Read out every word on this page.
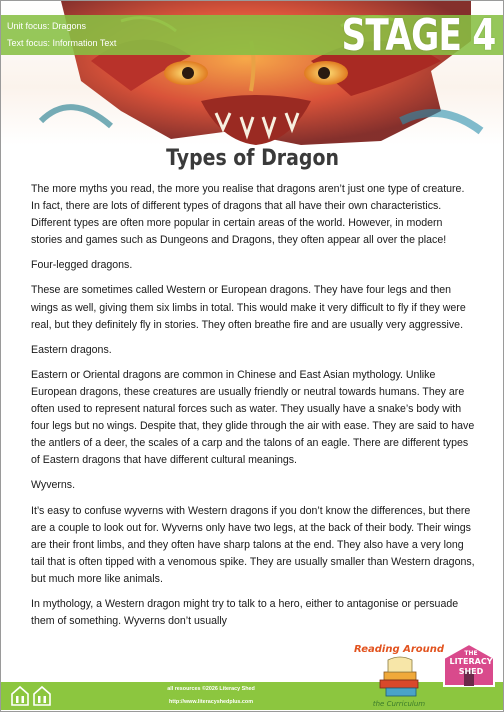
Unit focus: Dragons
Text focus: Information Text	STAGE 4
Types of Dragon

The more myths you read, the more you realise that dragons aren’t just one type of creature. In fact, there are lots of different types of dragons that all have their own characteristics. Different types are often more popular in certain areas of the world. However, in modern stories and games such as Dungeons and Dragons, they often appear all over the place!

Four-legged dragons.

These are sometimes called Western or European dragons. They have four legs and then wings as well, giving them six limbs in total. This would make it very difficult to fly if they were real, but they definitely fly in stories. They often breathe fire and are usually very aggressive.

Eastern dragons.

Eastern or Oriental dragons are common in Chinese and East Asian mythology. Unlike European dragons, these creatures are usually friendly or neutral towards humans. They are often used to represent natural forces such as water. They usually have a snake’s body with four legs but no wings. Despite that, they glide through the air with ease. They are said to have the antlers of a deer, the scales of a carp and the talons of an eagle. There are different types of Eastern dragons that have different cultural meanings.

Wyverns.

It’s easy to confuse wyverns with Western dragons if you don’t know the differences, but there are a couple to look out for. Wyverns only have two legs, at the back of their body. Their wings are their front limbs, and they often have sharp talons at the end. They also have a very long tail that is often tipped with a venomous spike. They are usually smaller than Western dragons, but much more like animals.

In mythology, a Western dragon might try to talk to a hero, either to antagonise or persuade them of something. Wyverns don’t usually

all resources ©2026 Literacy Shed
http://www.literacyshedplus.com
Reading Around
the Curriculum
THE
LITERACY
SHED
